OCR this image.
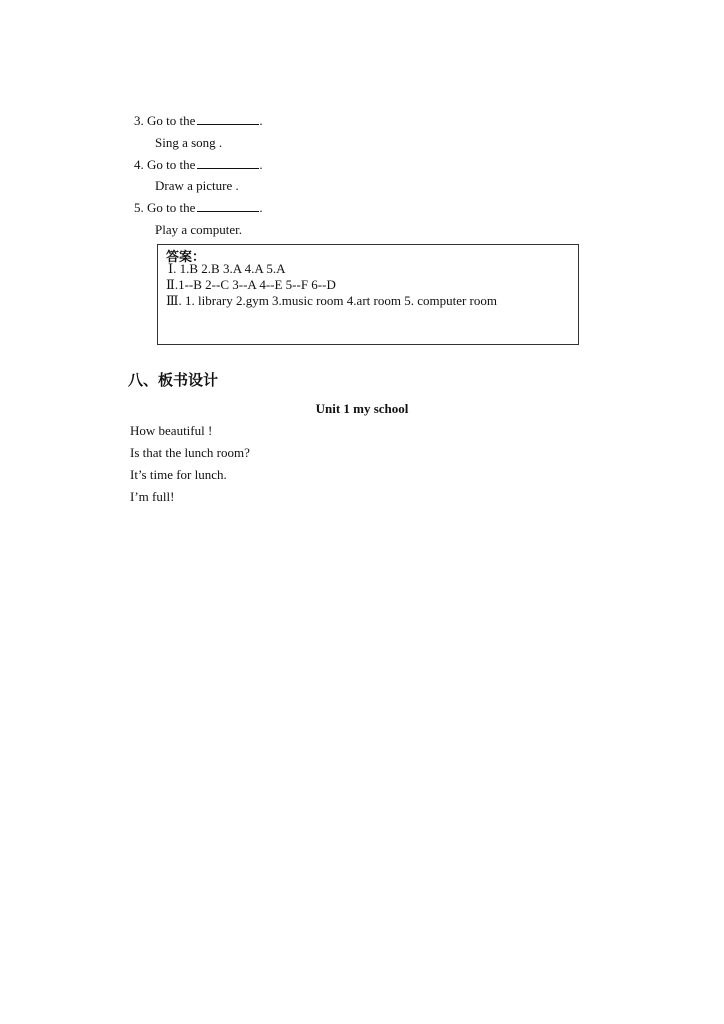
3. Go to the	.
Sing a song .
4. Go to the	.
Draw a picture .
5. Go to the	.
Play a computer.
答案：
Ⅰ. 1.B 2.B 3.A 4.A 5.A
Ⅱ.1--B 2--C 3--A 4--E 5--F 6--D
Ⅲ. 1. library 2.gym 3.music room 4.art room 5. computer room
八、板书设计
Unit 1 my school
How beautiful !
Is that the lunch room?
It’s time for lunch.
I’m full!
